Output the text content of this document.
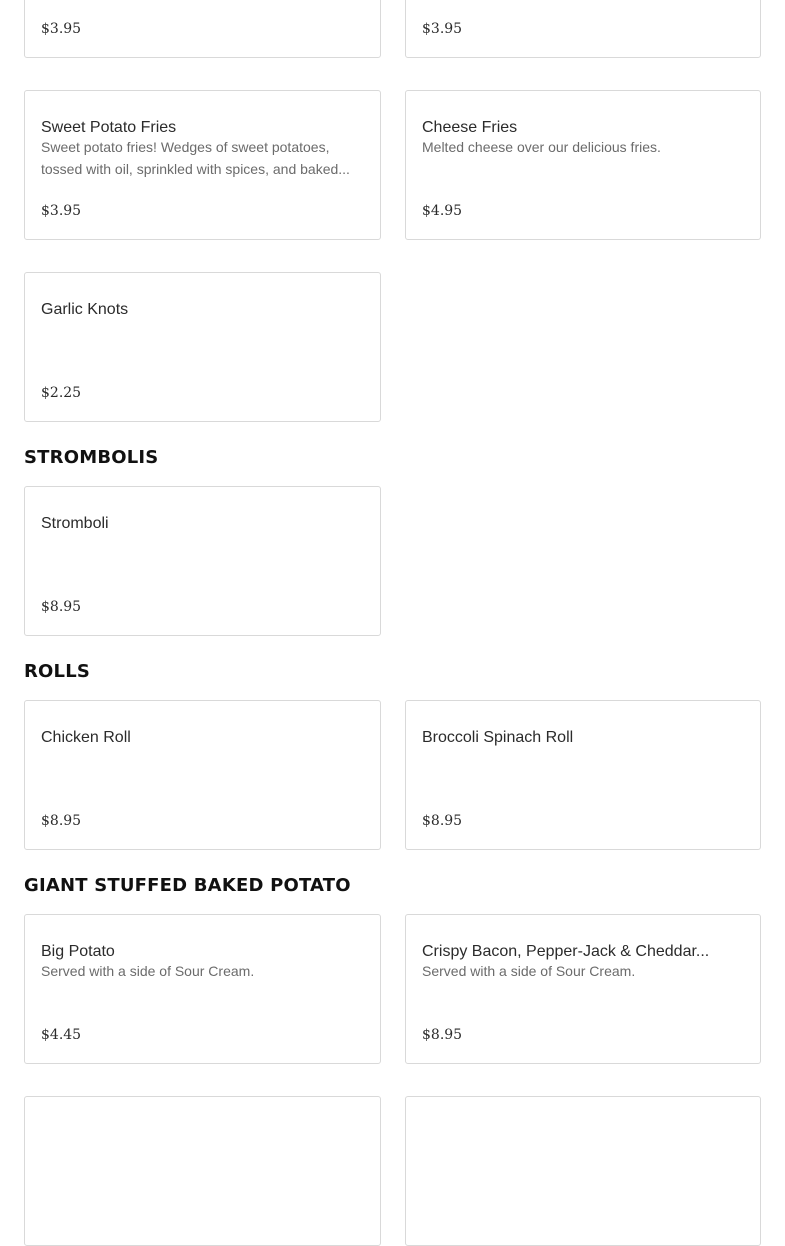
$3.95	$3.95
Sweet Potato Fries
Sweet potato fries! Wedges of sweet potatoes, tossed with oil, sprinkled with spices, and baked...
$3.95
Cheese Fries
Melted cheese over our delicious fries.
$4.95
Garlic Knots
$2.25
STROMBOLIS
Stromboli
$8.95
ROLLS
Chicken Roll
$8.95
Broccoli Spinach Roll
$8.95
GIANT STUFFED BAKED POTATO
Big Potato
Served with a side of Sour Cream.
$4.45
Crispy Bacon, Pepper-Jack & Cheddar...
Served with a side of Sour Cream.
$8.95
